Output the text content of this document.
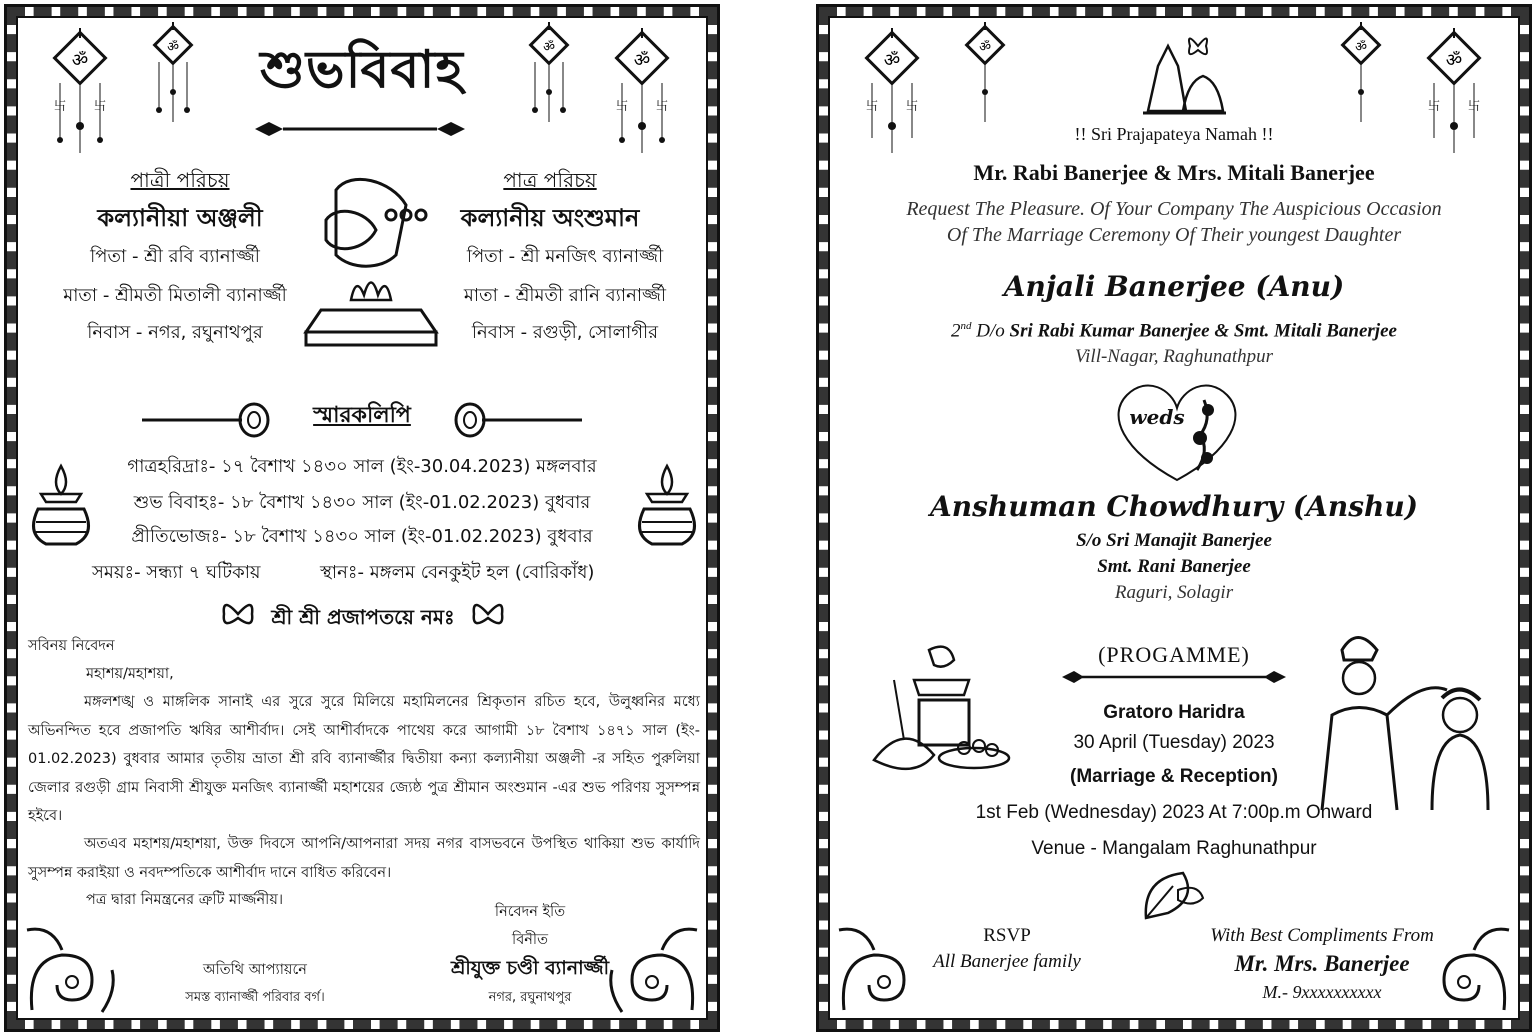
ॐ
卐 卐
ॐ	ॐ
ॐ
卐 卐
শুভবিবাহ
পাত্রী পরিচয়
কল্যানীয়া অঞ্জলী
পিতা - শ্রী রবি ব্যানার্জ্জী
মাতা - শ্রীমতী মিতালী ব্যানার্জ্জী
নিবাস - নগর, রঘুনাথপুর
পাত্র পরিচয়
কল্যানীয় অংশুমান
পিতা - শ্রী মনজিৎ ব্যানার্জ্জী
মাতা - শ্রীমতী রানি ব্যানার্জ্জী
নিবাস - রগুড়ী, সোলাগীর
স্মারকলিপি
গাত্রহরিদ্রাঃ- ১৭ বৈশাখ ১৪৩০ সাল (ইং-30.04.2023) মঙ্গলবার
শুভ বিবাহঃ- ১৮ বৈশাখ ১৪৩০ সাল (ইং-01.02.2023) বুধবার
প্রীতিভোজঃ- ১৮ বৈশাখ ১৪৩০ সাল (ইং-01.02.2023) বুধবার
সময়ঃ- সন্ধ্যা ৭ ঘটিকায়	স্থানঃ- মঙ্গলম বেনকুইট হল (বোরিকাঁধ)
শ্রী শ্রী প্রজাপতয়ে নমঃ
সবিনয় নিবেদন
মহাশয়/মহাশয়া,
মঙ্গলশঙ্খ ও মাঙ্গলিক সানাই এর সুরে সুরে মিলিয়ে মহামিলনের শ্রিকৃতান রচিত হবে, উলুধ্বনির মধ্যে অভিনন্দিত হবে প্রজাপতি ঋষির আশীর্বাদ। সেই আশীর্বাদকে পাথেয় করে আগামী ১৮ বৈশাখ ১৪৭১ সাল (ইং- 01.02.2023) বুধবার আমার তৃতীয় ভ্রাতা শ্রী রবি ব্যানার্জ্জীর দ্বিতীয়া কন্যা কল্যানীয়া অঞ্জলী -র সহিত পুরুলিয়া জেলার রগুড়ী গ্রাম নিবাসী শ্রীযুক্ত মনজিৎ ব্যানার্জ্জী মহাশয়ের জ্যেষ্ঠ পুত্র শ্রীমান অংশুমান -এর শুভ পরিণয় সুসম্পন্ন হইবে।
অতএব মহাশয়/মহাশয়া, উক্ত দিবসে আপনি/আপনারা সদয় নগর বাসভবনে উপস্থিত থাকিয়া শুভ কার্যাদি সুসম্পন্ন করাইয়া ও নবদম্পতিকে আশীর্বাদ দানে বাধিত করিবেন।
পত্র দ্বারা নিমন্ত্রনের ত্রুটি মার্জ্জনীয়।
নিবেদন ইতি
বিনীত
শ্রীযুক্ত চণ্ডী ব্যানার্জ্জী
নগর, রঘুনাথপুর
অতিথি আপ্যায়নে
সমস্ত ব্যানার্জ্জী পরিবার বর্গ।
ॐ
卐 卐
ॐ	ॐ
ॐ
卐 卐
!! Sri Prajapateya Namah !!
Mr. Rabi Banerjee & Mrs. Mitali Banerjee
Request The Pleasure. Of Your Company The Auspicious Occasion
Of The Marriage Ceremony Of Their youngest Daughter
Anjali Banerjee (Anu)
2nd D/o Sri Rabi Kumar Banerjee & Smt. Mitali Banerjee
Vill-Nagar, Raghunathpur
weds
Anshuman Chowdhury (Anshu)
S/o Sri Manajit Banerjee
Smt. Rani Banerjee
Raguri, Solagir
(PROGAMME)
Gratoro Haridra
30 April (Tuesday) 2023
(Marriage & Reception)
1st Feb (Wednesday) 2023 At 7:00p.m Onward
Venue - Mangalam Raghunathpur
RSVP
All Banerjee family
With Best Compliments From
Mr. Mrs. Banerjee
M.- 9xxxxxxxxxx
